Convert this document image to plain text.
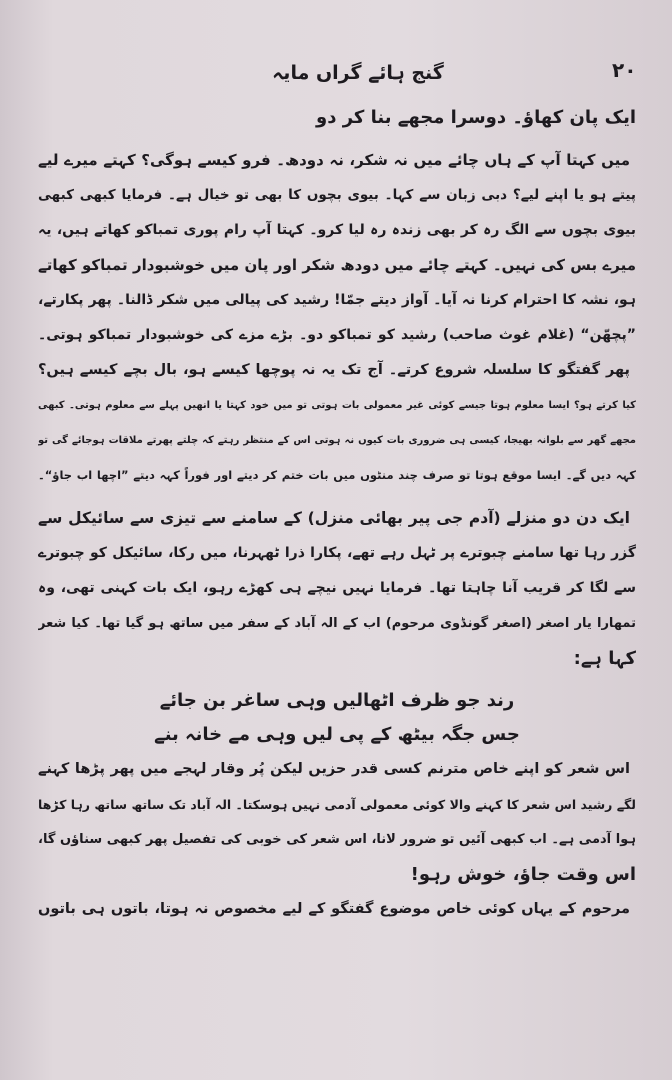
٢٠
گنج ہائے گراں مایہ
ایک پان کھاؤ۔ دوسرا مجھے بنا کر دو
میں کہتا آپ کے ہاں چائے میں نہ شکر، نہ دودھ۔ فرو کیسے ہوگی؟ کہتے میرے لیے
پیتے ہو یا اپنے لیے؟ دبی زبان سے کہا۔ بیوی بچوں کا بھی تو خیال ہے۔ فرمایا کبھی کبھی
بیوی بچوں سے الگ رہ کر بھی زندہ رہ لیا کرو۔ کہتا آپ رام پوری تمباکو کھاتے ہیں، یہ
میرے بس کی نہیں۔ کہتے چائے میں دودھ شکر اور پان میں خوشبودار تمباکو کھاتے
ہو، نشہ کا احترام کرنا نہ آیا۔ آواز دیتے جمّا! رشید کی پیالی میں شکر ڈالنا۔ پھر پکارتے،
”پچھّن“ (غلام غوث صاحب) رشید کو تمباکو دو۔ بڑے مزے کی خوشبودار تمباکو ہوتی۔
پھر گفتگو کا سلسلہ شروع کرتے۔ آج تک یہ نہ پوچھا کیسے ہو، بال بچے کیسے ہیں؟
کیا کرتے ہو؟ ایسا معلوم ہوتا جیسے کوئی غیر معمولی بات ہوتی تو میں خود کہتا یا انھیں پہلے سے معلوم ہوتی۔ کبھی
مجھے گھر سے بلوانہ بھیجا، کیسی ہی ضروری بات کیوں نہ ہوتی اس کے منتظر رہتے کہ چلتے پھرتے ملاقات ہوجائے گی تو
کہہ دیں گے۔ ایسا موقع ہوتا تو صرف چند منٹوں میں بات ختم کر دیتے اور فوراً کہہ دیتے ”اچھا اب جاؤ“۔
ایک دن دو منزلے (آدم جی پیر بھائی منزل) کے سامنے سے تیزی سے سائیکل سے
گزر رہا تھا سامنے چبوترے پر ٹہل رہے تھے، پکارا ذرا ٹھہرنا، میں رکا، سائیکل کو چبوترے
سے لگا کر قریب آنا چاہتا تھا۔ فرمایا نہیں نیچے ہی کھڑے رہو، ایک بات کہنی تھی، وہ
تمھارا یار اصغر (اصغر گونڈوی مرحوم) اب کے الہ آباد کے سفر میں ساتھ ہو گیا تھا۔ کیا شعر
کہا ہے:
رند جو ظرف اٹھالیں وہی ساغر بن جائے
جس جگہ بیٹھ کے پی لیں وہی مے خانہ بنے
اس شعر کو اپنے خاص مترنم کسی قدر حزیں لیکن پُر وقار لہجے میں پھر پڑھا کہنے
لگے رشید اس شعر کا کہنے والا کوئی معمولی آدمی نہیں ہوسکتا۔ الہ آباد تک ساتھ ساتھ رہا کڑھا
ہوا آدمی ہے۔ اب کبھی آئیں تو ضرور لانا، اس شعر کی خوبی کی تفصیل پھر کبھی سناؤں گا،
اس وقت جاؤ، خوش رہو!
مرحوم کے یہاں کوئی خاص موضوع گفتگو کے لیے مخصوص نہ ہوتا، باتوں ہی باتوں
